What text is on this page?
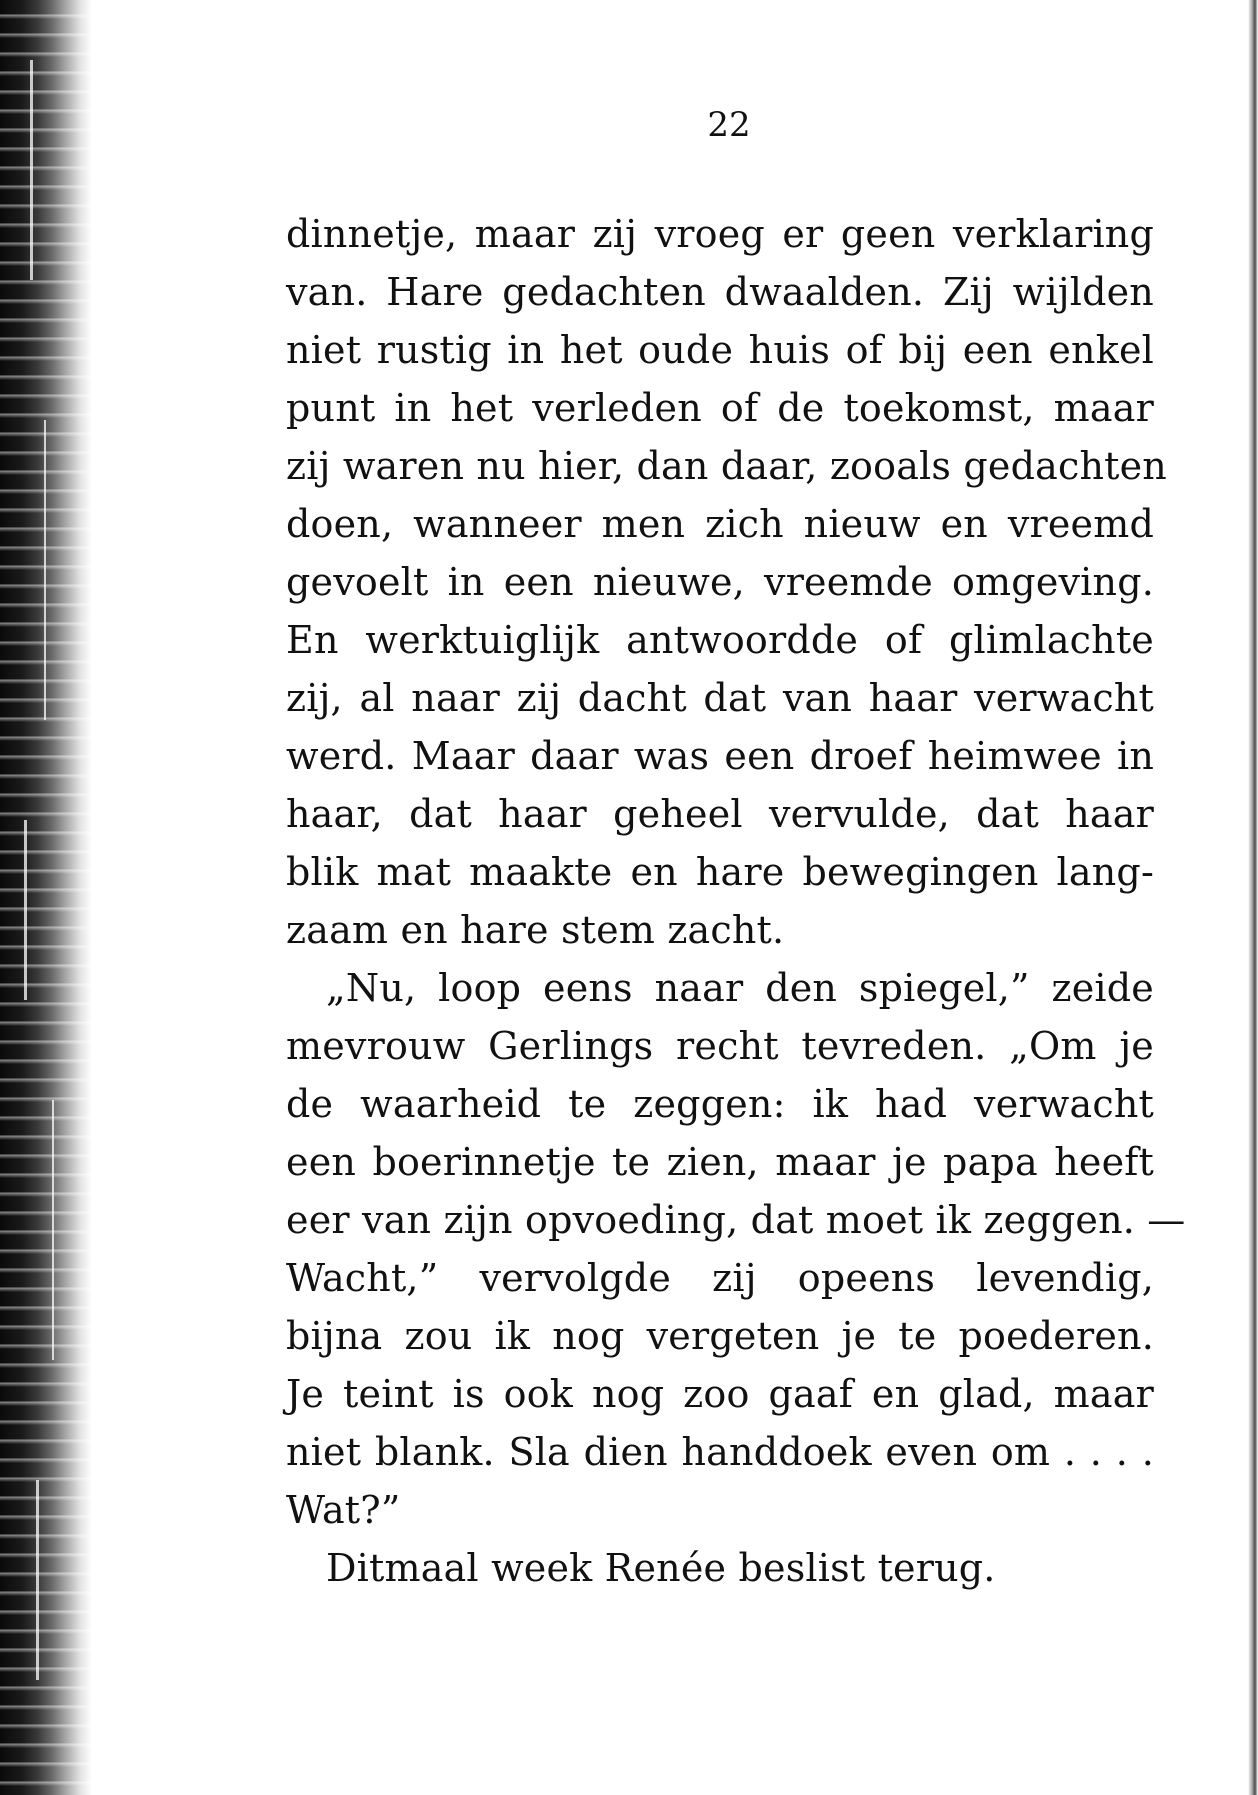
22
dinnetje, maar zij vroeg er geen verklaring
van. Hare gedachten dwaalden. Zij wijlden
niet rustig in het oude huis of bij een enkel
punt in het verleden of de toekomst, maar
zij waren nu hier, dan daar, zooals gedachten
doen, wanneer men zich nieuw en vreemd
gevoelt in een nieuwe, vreemde omgeving.
En werktuiglijk antwoordde of glimlachte
zij, al naar zij dacht dat van haar verwacht
werd. Maar daar was een droef heimwee in
haar, dat haar geheel vervulde, dat haar
blik mat maakte en hare bewegingen lang-
zaam en hare stem zacht.
„Nu, loop eens naar den spiegel,” zeide
mevrouw Gerlings recht tevreden. „Om je
de waarheid te zeggen: ik had verwacht
een boerinnetje te zien, maar je papa heeft
eer van zijn opvoeding, dat moet ik zeggen. —
Wacht,” vervolgde zij opeens levendig,
bijna zou ik nog vergeten je te poederen.
Je teint is ook nog zoo gaaf en glad, maar
niet blank. Sla dien handdoek even om . . . .
Wat?”
Ditmaal week Renée beslist terug.
